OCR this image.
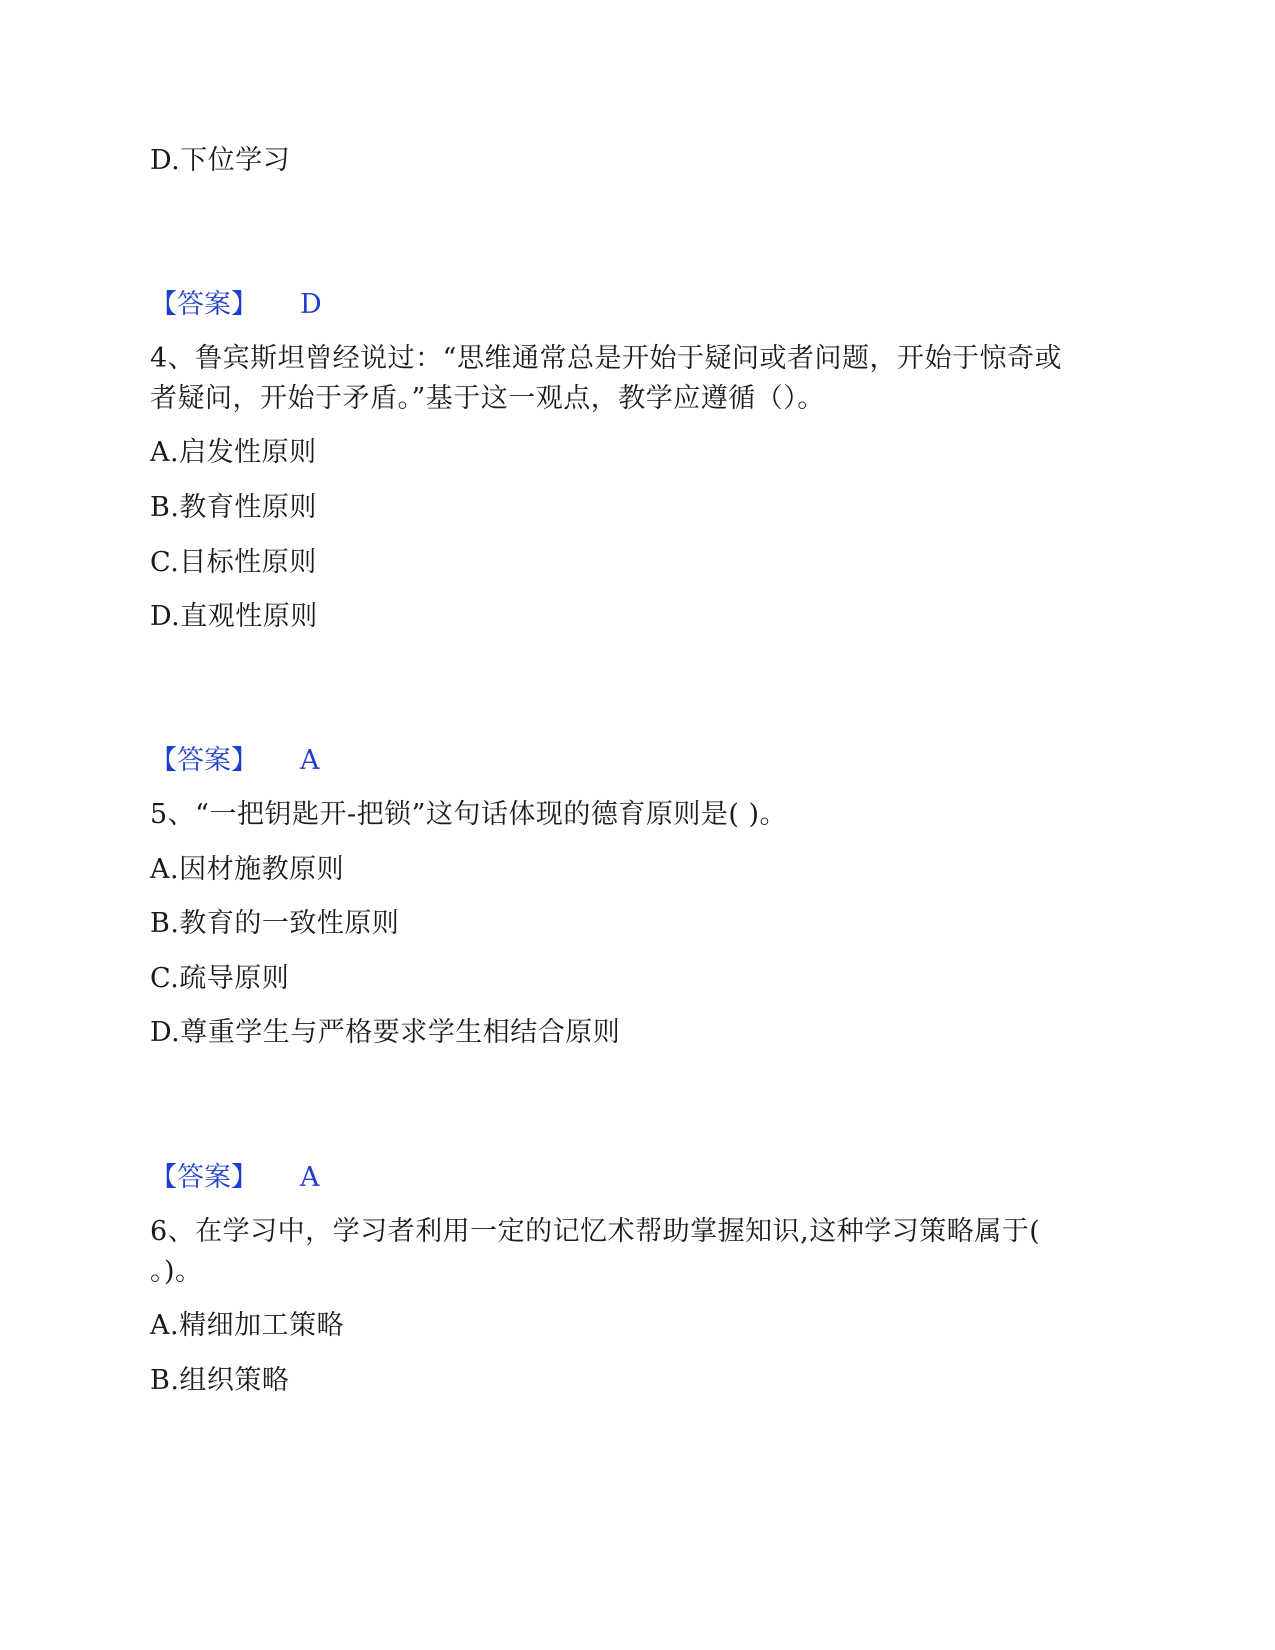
D.下位学习
【答案】 D
4、鲁宾斯坦曾经说过：“思维通常总是开始于疑问或者问题，开始于惊奇或
者疑问，开始于矛盾。”基于这一观点，教学应遵循（）。
A.启发性原则
B.教育性原则
C.目标性原则
D.直观性原则
【答案】 A
5、“一把钥匙开-把锁”这句话体现的德育原则是( )。
A.因材施教原则
B.教育的一致性原则
C.疏导原则
D.尊重学生与严格要求学生相结合原则
【答案】 A
6、在学习中，学习者利用一定的记忆术帮助掌握知识,这种学习策略属于(
。)。
A.精细加工策略
B.组织策略
